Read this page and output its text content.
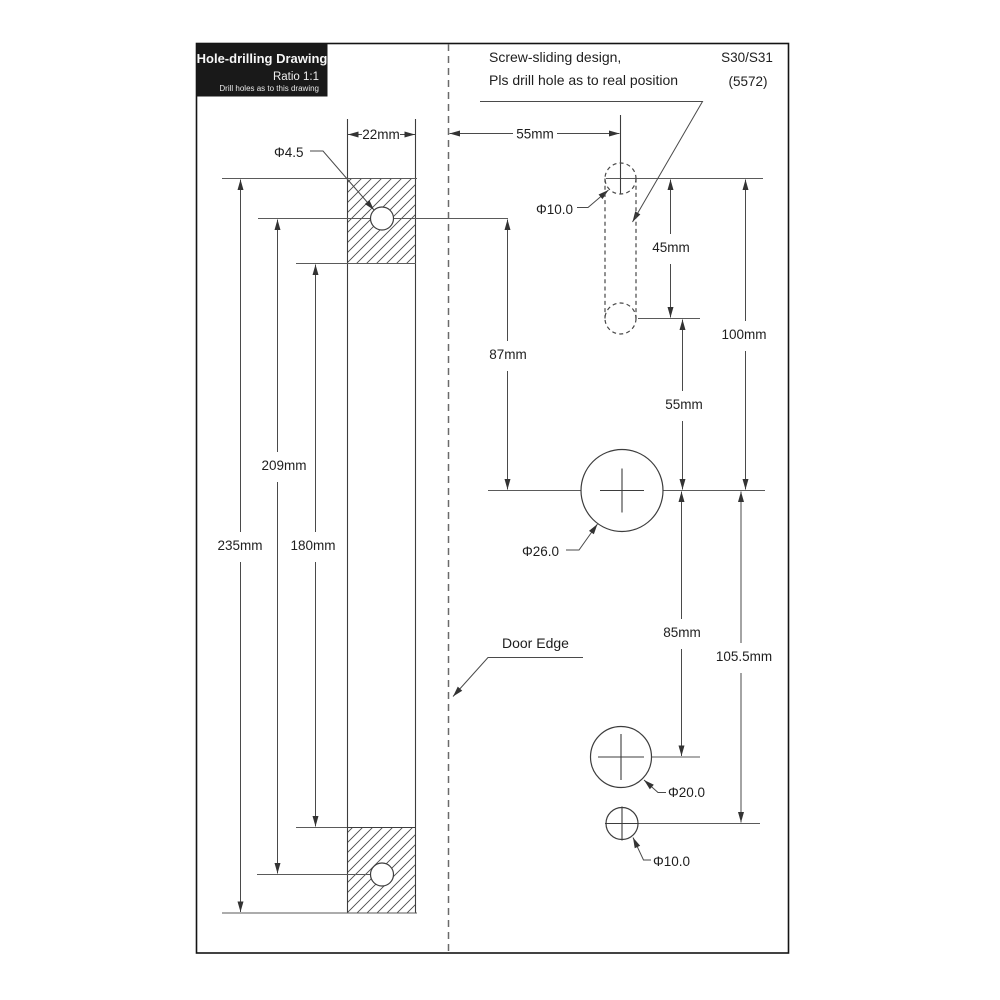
Hole-drilling Drawing
Ratio 1:1
Drill holes as to this drawing
Screw-sliding design,
Pls drill hole as to real position
S30/S31
(5572)
22mm
Φ4.5
55mm
Φ10.0
45mm
100mm
55mm
87mm
209mm
235mm 180mm	Φ26.0
85mm
105.5mm
Φ20.0
Φ10.0
Door Edge
